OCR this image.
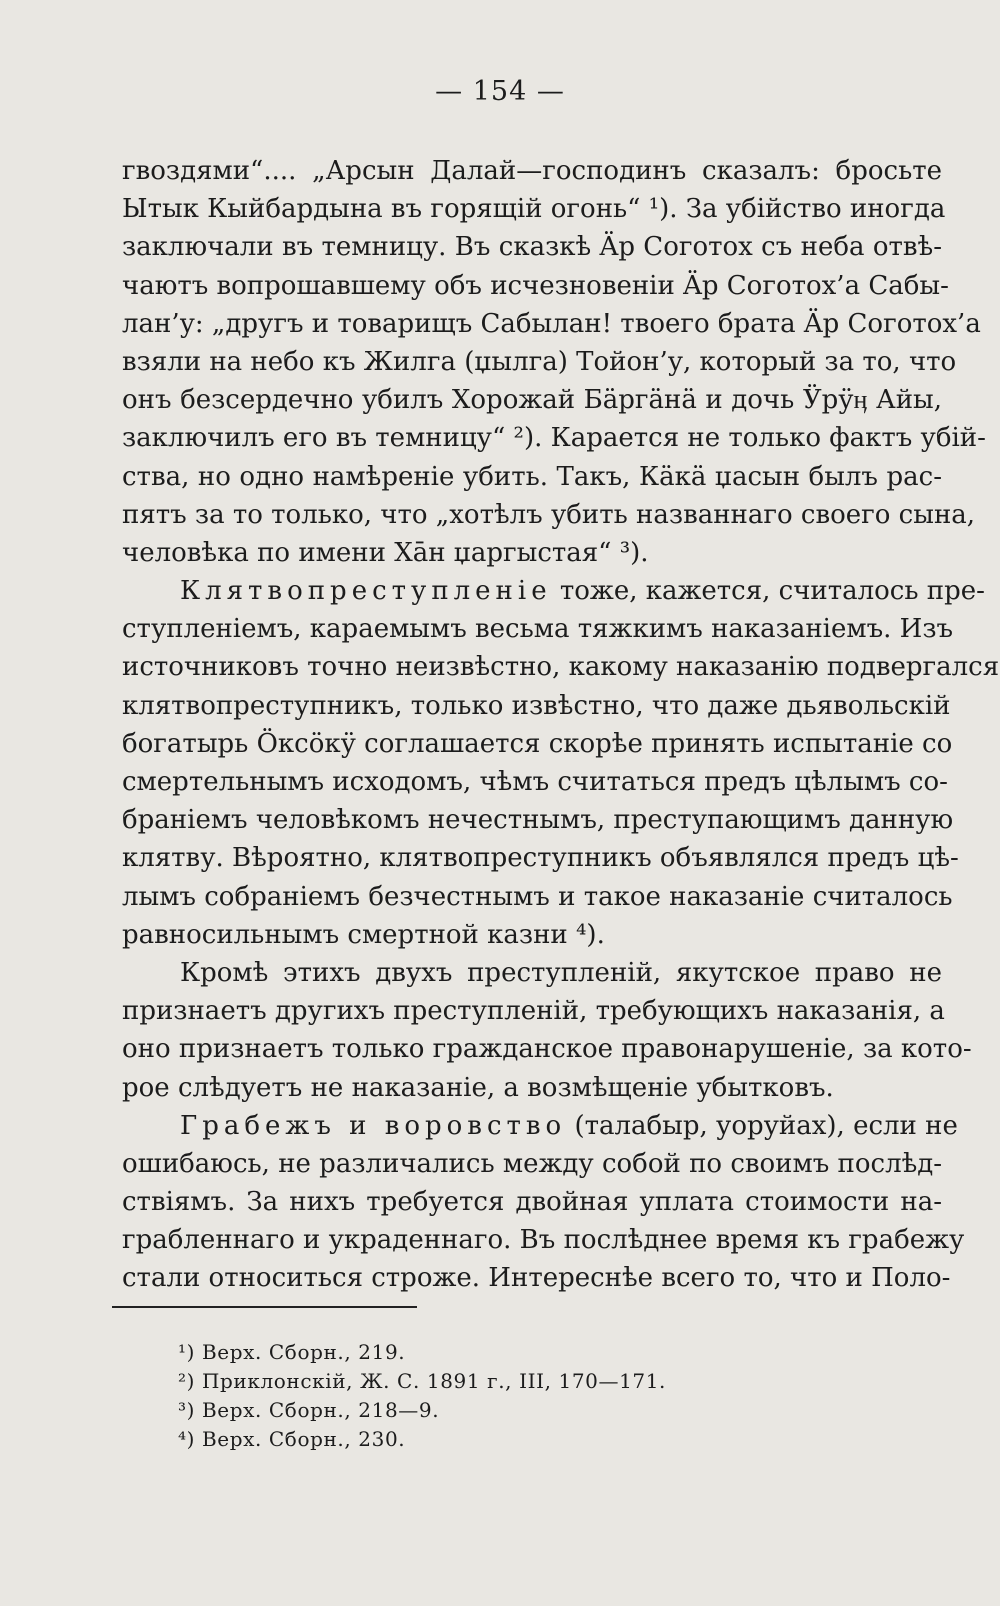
— 154 —
гвоздями“.... „Арсын Далай—господинъ сказалъ: бросьте
Ытык Кыйбардына въ горящій огонь“ ¹). За убійство иногда
заключали въ темницу. Въ сказкѣ Äр Соготох съ неба отвѣ-
чаютъ вопрошавшему объ исчезновеніи Äр Соготох’а Сабы-
лан’у: „другъ и товарищъ Сабылан! твоего брата Äр Соготох’а
взяли на небо къ Жилга (џылга) Тойон’у, который за то, что
онъ безсердечно убилъ Хорожай Бäргäнä и дочь Ӱрӱӊ Айы,
заключилъ его въ темницу“ ²). Карается не только фактъ убій-
ства, но одно намѣреніе убить. Такъ, Кäкä џасын былъ рас-
пятъ за то только, что „хотѣлъ убить названнаго своего сына,
человѣка по имени Хāн џаргыстая“ ³).
Клятвопреступленіе тоже, кажется, считалось пре-
ступленіемъ, караемымъ весьма тяжкимъ наказаніемъ. Изъ
источниковъ точно неизвѣстно, какому наказанію подвергался
клятвопреступникъ, только извѣстно, что даже дьявольскій
богатырь Öксöкӱ соглашается скорѣе принять испытаніе со
смертельнымъ исходомъ, чѣмъ считаться предъ цѣлымъ со-
браніемъ человѣкомъ нечестнымъ, преступающимъ данную
клятву. Вѣроятно, клятвопреступникъ объявлялся предъ цѣ-
лымъ собраніемъ безчестнымъ и такое наказаніе считалось
равносильнымъ смертной казни ⁴).
Кромѣ этихъ двухъ преступленій, якутское право не
признаетъ другихъ преступленій, требующихъ наказанія, а
оно признаетъ только гражданское правонарушеніе, за кото-
рое слѣдуетъ не наказаніе, а возмѣщеніе убытковъ.
Грабежъ и воровство (талабыр, уоруйах), если не
ошибаюсь, не различались между собой по своимъ послѣд-
ствіямъ. За нихъ требуется двойная уплата стоимости на-
грабленнаго и украденнаго. Въ послѣднее время къ грабежу
стали относиться строже. Интереснѣе всего то, что и Поло-
¹) Верх. Сборн., 219.
²) Приклонскій, Ж. С. 1891 г., III, 170—171.
³) Верх. Сборн., 218—9.
⁴) Верх. Сборн., 230.
